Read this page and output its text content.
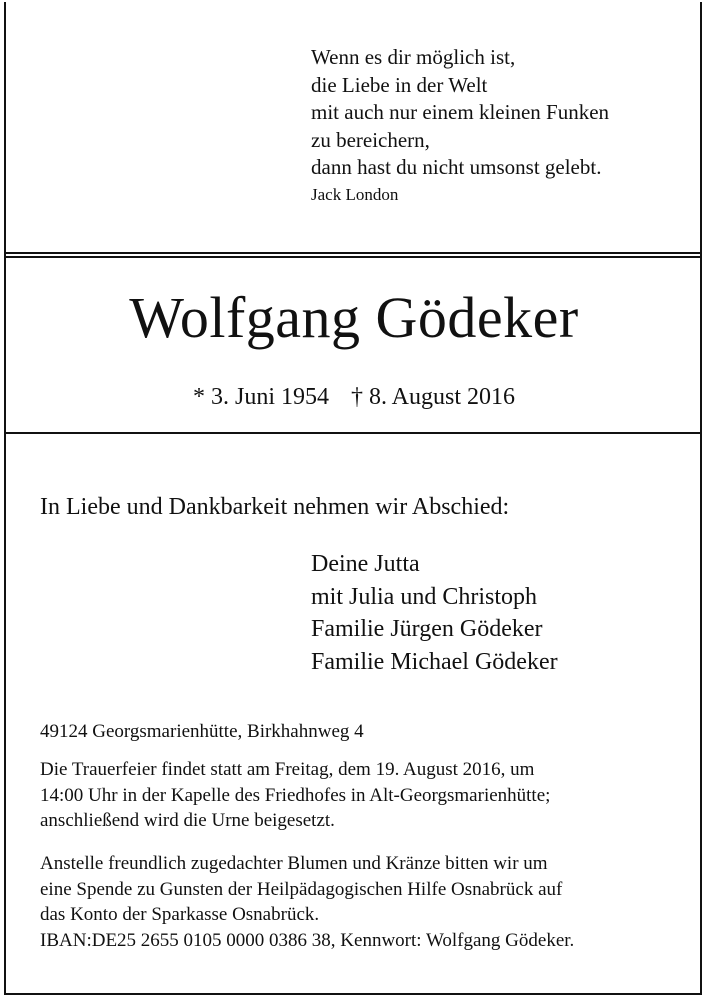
Wenn es dir möglich ist,
die Liebe in der Welt
mit auch nur einem kleinen Funken
zu bereichern,
dann hast du nicht umsonst gelebt.
Jack London
Wolfgang Gödeker
* 3. Juni 1954 † 8. August 2016
In Liebe und Dankbarkeit nehmen wir Abschied:
Deine Jutta
mit Julia und Christoph
Familie Jürgen Gödeker
Familie Michael Gödeker
49124 Georgsmarienhütte, Birkhahnweg 4
Die Trauerfeier findet statt am Freitag, dem 19. August 2016, um
14:00 Uhr in der Kapelle des Friedhofes in Alt-Georgsmarienhütte;
anschließend wird die Urne beigesetzt.
Anstelle freundlich zugedachter Blumen und Kränze bitten wir um
eine Spende zu Gunsten der Heilpädagogischen Hilfe Osnabrück auf
das Konto der Sparkasse Osnabrück.
IBAN:DE25 2655 0105 0000 0386 38, Kennwort: Wolfgang Gödeker.
